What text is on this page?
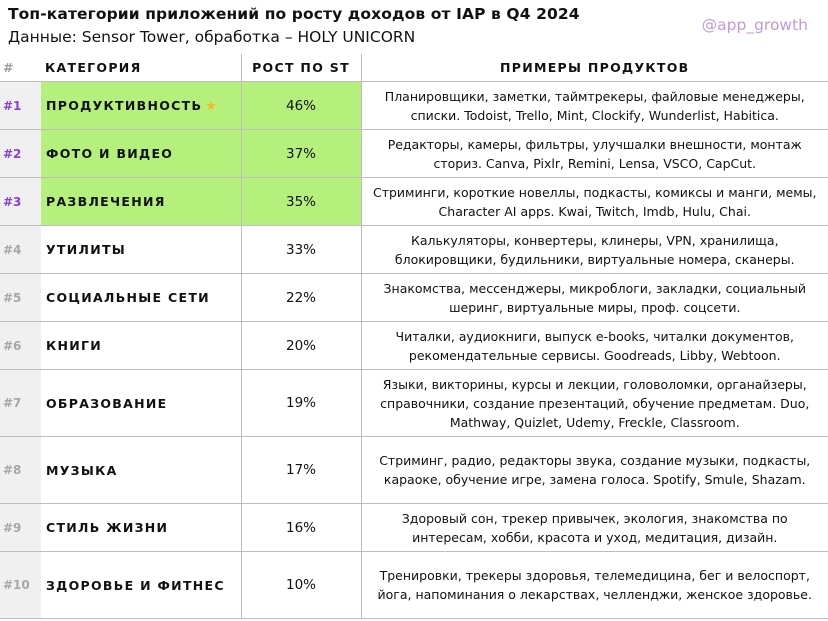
Топ-категории приложений по росту доходов от IAP в Q4 2024
Данные: Sensor Tower, обработка – HOLY UNICORN
@app_growth
#	КАТЕГОРИЯ	РОСТ ПО ST	ПРИМЕРЫ ПРОДУКТОВ
#1	ПРОДУКТИВНОСТЬ ★	46%	Планировщики, заметки, таймтрекеры, файловые менеджеры, списки. Todoist, Trello, Mint, Clockify, Wunderlist, Habitica.
#2	ФОТО И ВИДЕО	37%	Редакторы, камеры, фильтры, улучшалки внешности, монтаж сториз. Canva, Pixlr, Remini, Lensa, VSCO, CapCut.
#3	РАЗВЛЕЧЕНИЯ	35%	Стриминги, короткие новеллы, подкасты, комиксы и манги, мемы, Character AI apps. Kwai, Twitch, Imdb, Hulu, Chai.
#4	УТИЛИТЫ	33%	Калькуляторы, конвертеры, клинеры, VPN, хранилища, блокировщики, будильники, виртуальные номера, сканеры.
#5	СОЦИАЛЬНЫЕ СЕТИ	22%	Знакомства, мессенджеры, микроблоги, закладки, социальный шеринг, виртуальные миры, проф. соцсети.
#6	КНИГИ	20%	Читалки, аудиокниги, выпуск e-books, читалки документов, рекомендательные сервисы. Goodreads, Libby, Webtoon.
#7	ОБРАЗОВАНИЕ	19%	Языки, викторины, курсы и лекции, головоломки, органайзеры, справочники, создание презентаций, обучение предметам. Duo, Mathway, Quizlet, Udemy, Freckle, Classroom.
#8	МУЗЫКА	17%	Стриминг, радио, редакторы звука, создание музыки, подкасты, караоке, обучение игре, замена голоса. Spotify, Smule, Shazam.
#9	СТИЛЬ ЖИЗНИ	16%	Здоровый сон, трекер привычек, экология, знакомства по интересам, хобби, красота и уход, медитация, дизайн.
#10	ЗДОРОВЬЕ И ФИТНЕС	10%	Тренировки, трекеры здоровья, телемедицина, бег и велоспорт, йога, напоминания о лекарствах, челленджи, женское здоровье.
